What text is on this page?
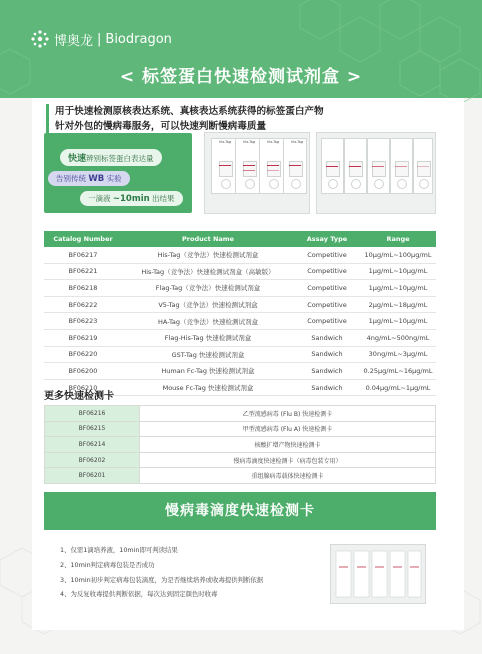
博奥龙 | Biodragon
< 标签蛋白快速检测试剂盒 >
用于快速检测原核表达系统、真核表达系统获得的标签蛋白产物
针对外包的慢病毒服务，可以快速判断慢病毒质量
快速辨别标签蛋白表达量
告别传统 WB 实验
一滴液 ~10min 出结果
His-Tag	His-Tag	His-Tag	His-Tag
Catalog Number	Product Name	Assay Type	Range
BF06217	His-Tag（竞争法）快速检测试剂盒	Competitive	10μg/mL~100μg/mL
BF06221	His-Tag（竞争法）快速检测试剂盒（高敏版）	Competitive	1μg/mL~10μg/mL
BF06218	Flag-Tag（竞争法）快速检测试剂盒	Competitive	1μg/mL~10μg/mL
BF06222	V5-Tag（竞争法）快速检测试剂盒	Competitive	2μg/mL~18μg/mL
BF06223	HA-Tag（竞争法）快速检测试剂盒	Competitive	1μg/mL~10μg/mL
BF06219	Flag-His-Tag 快速检测试剂盒	Sandwich	4ng/mL~500ng/mL
BF06220	GST-Tag 快速检测试剂盒	Sandwich	30ng/mL~3μg/mL
BF06200	Human Fc-Tag 快速检测试剂盒	Sandwich	0.25μg/mL~16μg/mL
BF06210	Mouse Fc-Tag 快速检测试剂盒	Sandwich	0.04μg/mL~1μg/mL
更多快速检测卡
BF06216	乙型流感病毒 (Flu B) 快速检测卡
BF06215	甲型流感病毒 (Flu A) 快速检测卡
BF06214	核酸扩增产物快速检测卡
BF06202	慢病毒滴度快速检测卡（病毒包装专用）
BF06201	重组腺病毒载体快速检测卡
慢病毒滴度快速检测卡
1、仅需1滴培养液，10min即可判读结果
2、10min判定病毒包装是否成功
3、10min初步判定病毒包装滴度，为是否继续培养或收毒提供判断依据
4、为反复收毒提供判断依据，每次达到固定颜色时收毒
